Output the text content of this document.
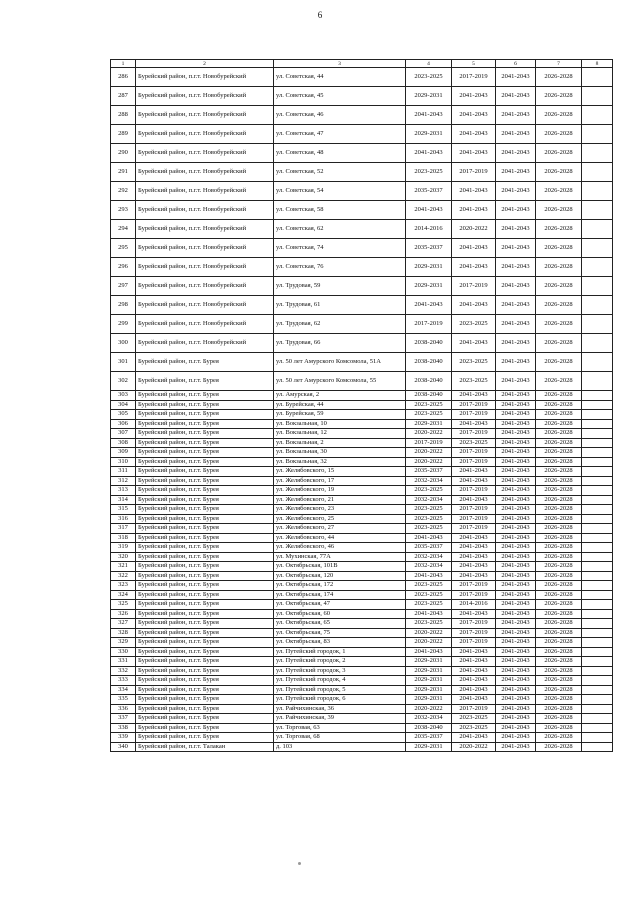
6
1	2	3	4	5	6	7	8
286	Бурейский район, п.г.т. Новобурейский	ул. Советская, 44	2023-2025	2017-2019	2041-2043	2026-2028	
287	Бурейский район, п.г.т. Новобурейский	ул. Советская, 45	2029-2031	2041-2043	2041-2043	2026-2028	
288	Бурейский район, п.г.т. Новобурейский	ул. Советская, 46	2041-2043	2041-2043	2041-2043	2026-2028	
289	Бурейский район, п.г.т. Новобурейский	ул. Советская, 47	2029-2031	2041-2043	2041-2043	2026-2028	
290	Бурейский район, п.г.т. Новобурейский	ул. Советская, 48	2041-2043	2041-2043	2041-2043	2026-2028	
291	Бурейский район, п.г.т. Новобурейский	ул. Советская, 52	2023-2025	2017-2019	2041-2043	2026-2028	
292	Бурейский район, п.г.т. Новобурейский	ул. Советская, 54	2035-2037	2041-2043	2041-2043	2026-2028	
293	Бурейский район, п.г.т. Новобурейский	ул. Советская, 58	2041-2043	2041-2043	2041-2043	2026-2028	
294	Бурейский район, п.г.т. Новобурейский	ул. Советская, 62	2014-2016	2020-2022	2041-2043	2026-2028	
295	Бурейский район, п.г.т. Новобурейский	ул. Советская, 74	2035-2037	2041-2043	2041-2043	2026-2028	
296	Бурейский район, п.г.т. Новобурейский	ул. Советская, 76	2029-2031	2041-2043	2041-2043	2026-2028	
297	Бурейский район, п.г.т. Новобурейский	ул. Трудовая, 59	2029-2031	2017-2019	2041-2043	2026-2028	
298	Бурейский район, п.г.т. Новобурейский	ул. Трудовая, 61	2041-2043	2041-2043	2041-2043	2026-2028	
299	Бурейский район, п.г.т. Новобурейский	ул. Трудовая, 62	2017-2019	2023-2025	2041-2043	2026-2028	
300	Бурейский район, п.г.т. Новобурейский	ул. Трудовая, 66	2038-2040	2041-2043	2041-2043	2026-2028	
301	Бурейский район, п.г.т. Бурея	ул. 50 лет Амурского Комсомола, 51А	2038-2040	2023-2025	2041-2043	2026-2028	
302	Бурейский район, п.г.т. Бурея	ул. 50 лет Амурского Комсомола, 55	2038-2040	2023-2025	2041-2043	2026-2028	
303	Бурейский район, п.г.т. Бурея	ул. Амурская, 2	2038-2040	2041-2043	2041-2043	2026-2028	
304	Бурейский район, п.г.т. Бурея	ул. Бурейская, 44	2023-2025	2017-2019	2041-2043	2026-2028	
305	Бурейский район, п.г.т. Бурея	ул. Бурейская, 59	2023-2025	2017-2019	2041-2043	2026-2028	
306	Бурейский район, п.г.т. Бурея	ул. Вокзальная, 10	2029-2031	2041-2043	2041-2043	2026-2028	
307	Бурейский район, п.г.т. Бурея	ул. Вокзальная, 12	2020-2022	2017-2019	2041-2043	2026-2028	
308	Бурейский район, п.г.т. Бурея	ул. Вокзальная, 2	2017-2019	2023-2025	2041-2043	2026-2028	
309	Бурейский район, п.г.т. Бурея	ул. Вокзальная, 30	2020-2022	2017-2019	2041-2043	2026-2028	
310	Бурейский район, п.г.т. Бурея	ул. Вокзальная, 32	2020-2022	2017-2019	2041-2043	2026-2028	
311	Бурейский район, п.г.т. Бурея	ул. Желябовского, 15	2035-2037	2041-2043	2041-2043	2026-2028	
312	Бурейский район, п.г.т. Бурея	ул. Желябовского, 17	2032-2034	2041-2043	2041-2043	2026-2028	
313	Бурейский район, п.г.т. Бурея	ул. Желябовского, 19	2023-2025	2017-2019	2041-2043	2026-2028	
314	Бурейский район, п.г.т. Бурея	ул. Желябовского, 21	2032-2034	2041-2043	2041-2043	2026-2028	
315	Бурейский район, п.г.т. Бурея	ул. Желябовского, 23	2023-2025	2017-2019	2041-2043	2026-2028	
316	Бурейский район, п.г.т. Бурея	ул. Желябовского, 25	2023-2025	2017-2019	2041-2043	2026-2028	
317	Бурейский район, п.г.т. Бурея	ул. Желябовского, 27	2023-2025	2017-2019	2041-2043	2026-2028	
318	Бурейский район, п.г.т. Бурея	ул. Желябовского, 44	2041-2043	2041-2043	2041-2043	2026-2028	
319	Бурейский район, п.г.т. Бурея	ул. Желябовского, 46	2035-2037	2041-2043	2041-2043	2026-2028	
320	Бурейский район, п.г.т. Бурея	ул. Мухинская, 77А	2032-2034	2041-2043	2041-2043	2026-2028	
321	Бурейский район, п.г.т. Бурея	ул. Октябрьская, 101В	2032-2034	2041-2043	2041-2043	2026-2028	
322	Бурейский район, п.г.т. Бурея	ул. Октябрьская, 120	2041-2043	2041-2043	2041-2043	2026-2028	
323	Бурейский район, п.г.т. Бурея	ул. Октябрьская, 172	2023-2025	2017-2019	2041-2043	2026-2028	
324	Бурейский район, п.г.т. Бурея	ул. Октябрьская, 174	2023-2025	2017-2019	2041-2043	2026-2028	
325	Бурейский район, п.г.т. Бурея	ул. Октябрьская, 47	2023-2025	2014-2016	2041-2043	2026-2028	
326	Бурейский район, п.г.т. Бурея	ул. Октябрьская, 60	2041-2043	2041-2043	2041-2043	2026-2028	
327	Бурейский район, п.г.т. Бурея	ул. Октябрьская, 65	2023-2025	2017-2019	2041-2043	2026-2028	
328	Бурейский район, п.г.т. Бурея	ул. Октябрьская, 75	2020-2022	2017-2019	2041-2043	2026-2028	
329	Бурейский район, п.г.т. Бурея	ул. Октябрьская, 83	2020-2022	2017-2019	2041-2043	2026-2028	
330	Бурейский район, п.г.т. Бурея	ул. Путейский городок, 1	2041-2043	2041-2043	2041-2043	2026-2028	
331	Бурейский район, п.г.т. Бурея	ул. Путейский городок, 2	2029-2031	2041-2043	2041-2043	2026-2028	
332	Бурейский район, п.г.т. Бурея	ул. Путейский городок, 3	2029-2031	2041-2043	2041-2043	2026-2028	
333	Бурейский район, п.г.т. Бурея	ул. Путейский городок, 4	2029-2031	2041-2043	2041-2043	2026-2028	
334	Бурейский район, п.г.т. Бурея	ул. Путейский городок, 5	2029-2031	2041-2043	2041-2043	2026-2028	
335	Бурейский район, п.г.т. Бурея	ул. Путейский городок, 6	2029-2031	2041-2043	2041-2043	2026-2028	
336	Бурейский район, п.г.т. Бурея	ул. Райчихинская, 36	2020-2022	2017-2019	2041-2043	2026-2028	
337	Бурейский район, п.г.т. Бурея	ул. Райчихинская, 39	2032-2034	2023-2025	2041-2043	2026-2028	
338	Бурейский район, п.г.т. Бурея	ул. Торговая, 63	2038-2040	2023-2025	2041-2043	2026-2028	
339	Бурейский район, п.г.т. Бурея	ул. Торговая, 68	2035-2037	2041-2043	2041-2043	2026-2028	
340	Бурейский район, п.г.т. Талакан	д. 103	2029-2031	2020-2022	2041-2043	2026-2028	
